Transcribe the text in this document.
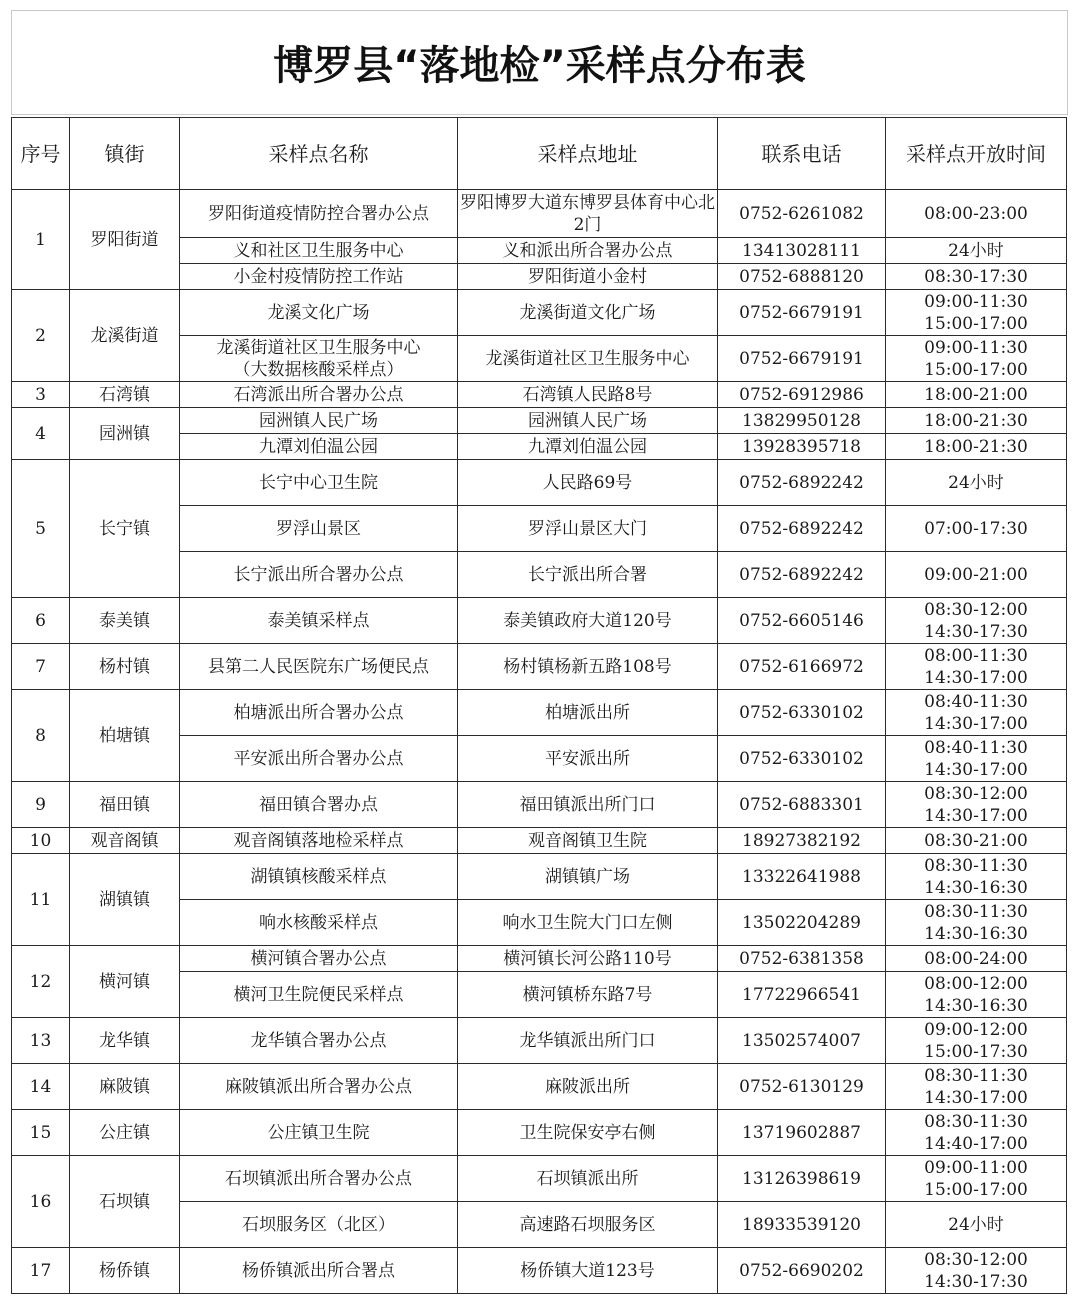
博罗县“落地检”采样点分布表
序号	镇街	采样点名称	采样点地址	联系电话	采样点开放时间
1	罗阳街道	罗阳街道疫情防控合署办公点	罗阳博罗大道东博罗县体育中心北2门	0752-6261082	08:00-23:00
		义和社区卫生服务中心	义和派出所合署办公点	13413028111	24小时
		小金村疫情防控工作站	罗阳街道小金村	0752-6888120	08:30-17:30
2	龙溪街道	龙溪文化广场	龙溪街道文化广场	0752-6679191	09:00-11:30
15:00-17:00
		龙溪街道社区卫生服务中心
（大数据核酸采样点）	龙溪街道社区卫生服务中心	0752-6679191	09:00-11:30
15:00-17:00
3	石湾镇	石湾派出所合署办公点	石湾镇人民路8号	0752-6912986	18:00-21:00
4	园洲镇	园洲镇人民广场	园洲镇人民广场	13829950128	18:00-21:30
		九潭刘伯温公园	九潭刘伯温公园	13928395718	18:00-21:30
5	长宁镇	长宁中心卫生院	人民路69号	0752-6892242	24小时
		罗浮山景区	罗浮山景区大门	0752-6892242	07:00-17:30
		长宁派出所合署办公点	长宁派出所合署	0752-6892242	09:00-21:00
6	泰美镇	泰美镇采样点	泰美镇政府大道120号	0752-6605146	08:30-12:00
14:30-17:30
7	杨村镇	县第二人民医院东广场便民点	杨村镇杨新五路108号	0752-6166972	08:00-11:30
14:30-17:00
8	柏塘镇	柏塘派出所合署办公点	柏塘派出所	0752-6330102	08:40-11:30
14:30-17:00
		平安派出所合署办公点	平安派出所	0752-6330102	08:40-11:30
14:30-17:00
9	福田镇	福田镇合署办点	福田镇派出所门口	0752-6883301	08:30-12:00
14:30-17:00
10	观音阁镇	观音阁镇落地检采样点	观音阁镇卫生院	18927382192	08:30-21:00
11	湖镇镇	湖镇镇核酸采样点	湖镇镇广场	13322641988	08:30-11:30
14:30-16:30
		响水核酸采样点	响水卫生院大门口左侧	13502204289	08:30-11:30
14:30-16:30
12	横河镇	横河镇合署办公点	横河镇长河公路110号	0752-6381358	08:00-24:00
		横河卫生院便民采样点	横河镇桥东路7号	17722966541	08:00-12:00
14:30-16:30
13	龙华镇	龙华镇合署办公点	龙华镇派出所门口	13502574007	09:00-12:00
15:00-17:30
14	麻陂镇	麻陂镇派出所合署办公点	麻陂派出所	0752-6130129	08:30-11:30
14:30-17:00
15	公庄镇	公庄镇卫生院	卫生院保安亭右侧	13719602887	08:30-11:30
14:40-17:00
16	石坝镇	石坝镇派出所合署办公点	石坝镇派出所	13126398619	09:00-11:00
15:00-17:00
		石坝服务区（北区）	高速路石坝服务区	18933539120	24小时
17	杨侨镇	杨侨镇派出所合署点	杨侨镇大道123号	0752-6690202	08:30-12:00
14:30-17:30
